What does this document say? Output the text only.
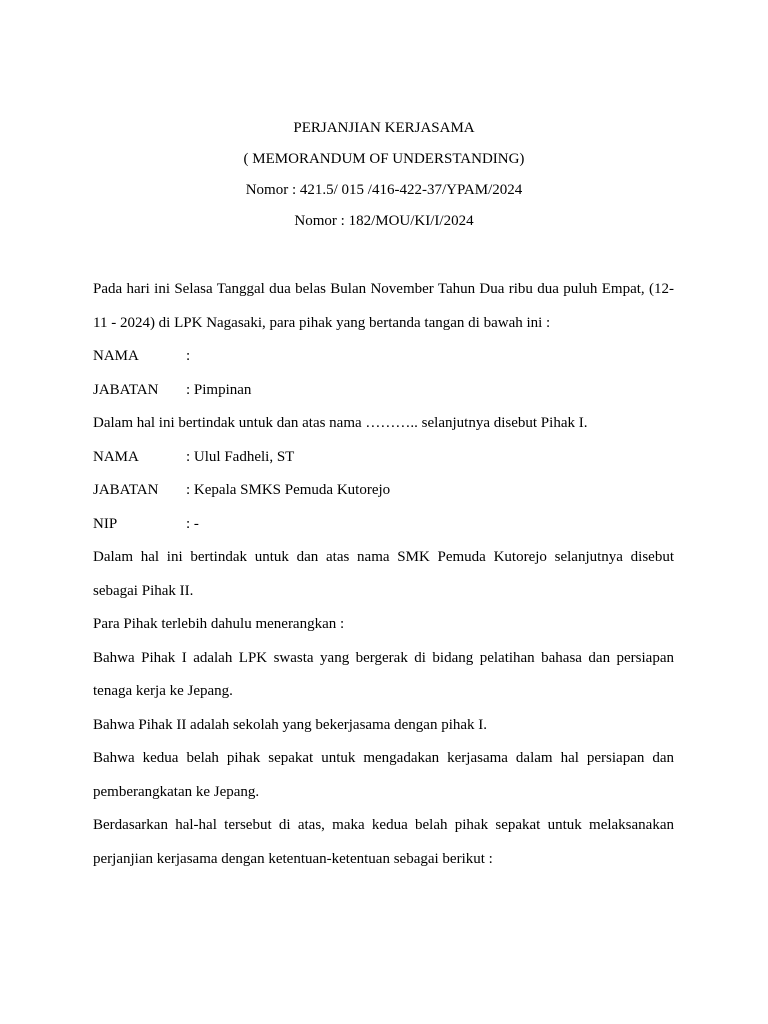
PERJANJIAN KERJASAMA
( MEMORANDUM OF UNDERSTANDING)
Nomor : 421.5/ 015 /416-422-37/YPAM/2024
Nomor : 182/MOU/KI/I/2024

Pada hari ini Selasa Tanggal dua belas Bulan November Tahun Dua ribu dua puluh Empat, (12- 11 - 2024) di LPK Nagasaki, para pihak yang bertanda tangan di bawah ini :

NAMA	:
JABATAN	: Pimpinan

Dalam hal ini bertindak untuk dan atas nama ……….. selanjutnya disebut Pihak I.

NAMA	: Ulul Fadheli, ST
JABATAN	: Kepala SMKS Pemuda Kutorejo
NIP	: -

Dalam hal ini bertindak untuk dan atas nama SMK Pemuda Kutorejo selanjutnya disebut sebagai Pihak II.

Para Pihak terlebih dahulu menerangkan :

Bahwa Pihak I adalah LPK swasta yang bergerak di bidang pelatihan bahasa dan persiapan tenaga kerja ke Jepang.

Bahwa Pihak II adalah sekolah yang bekerjasama dengan pihak I.

Bahwa kedua belah pihak sepakat untuk mengadakan kerjasama dalam hal persiapan dan pemberangkatan ke Jepang.

Berdasarkan hal-hal tersebut di atas, maka kedua belah pihak sepakat untuk melaksanakan perjanjian kerjasama dengan ketentuan-ketentuan sebagai berikut :
